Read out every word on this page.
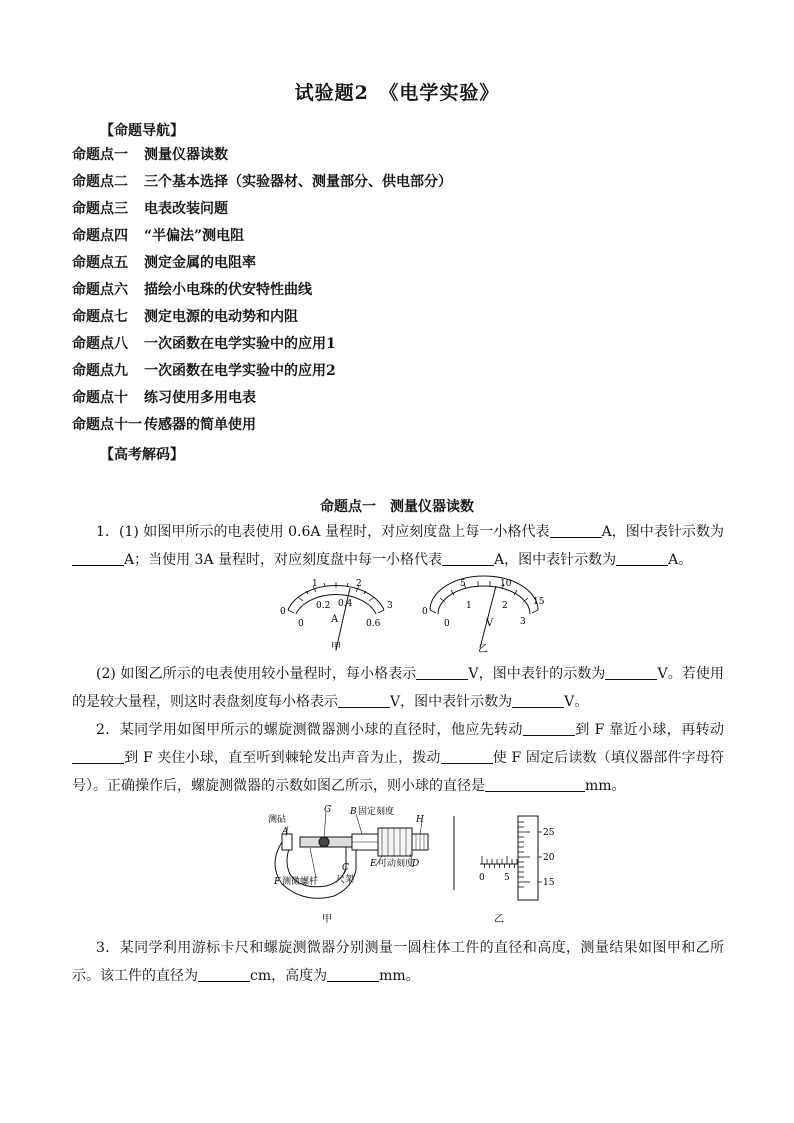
试验题2　《电学实验》
【命题导航】
命题点一 测量仪器读数
命题点二 三个基本选择（实验器材、测量部分、供电部分）
命题点三 电表改装问题
命题点四 “半偏法”测电阻
命题点五 测定金属的电阻率
命题点六 描绘小电珠的伏安特性曲线
命题点七 测定电源的电动势和内阻
命题点八 一次函数在电学实验中的应用1
命题点九 一次函数在电学实验中的应用2
命题点十 练习使用多用电表
命题点十一 传感器的简单使用
【高考解码】
命题点一　测量仪器读数

1．(1) 如图甲所示的电表使用 0.6A 量程时，对应刻度盘上每一小格代表	A，图中表针示数为A；当使用 3A 量程时，对应刻度盘中每一小格代表	A，图中表针示数为	A。

0
1	2
3
0
0.2 0.4
0.6
A
甲
0
5	10
15
0
1	2
3
V
乙

(2) 如图乙所示的电表使用较小量程时，每小格表示	V，图中表针的示数为	V。若使用的是较大量程，则这时表盘刻度每小格表示	V，图中表针示数为	V。

2．某同学用如图甲所示的螺旋测微器测小球的直径时，他应先转动	到 F 靠近小球，再转动到 F 夹住小球，直至听到棘轮发出声音为止，拨动	使 F 固定后读数（填仪器部件字母符号）。正确操作后，螺旋测微器的示数如图乙所示，则小球的直径是	mm。

测砧
A
G B 固定刻度
H
D
E 可动刻度
C
尺架
F 测微螺杆
甲
0 5
25
20
15
乙

3．某同学利用游标卡尺和螺旋测微器分别测量一圆柱体工件的直径和高度，测量结果如图甲和乙所示。该工件的直径为	cm，高度为	mm。
